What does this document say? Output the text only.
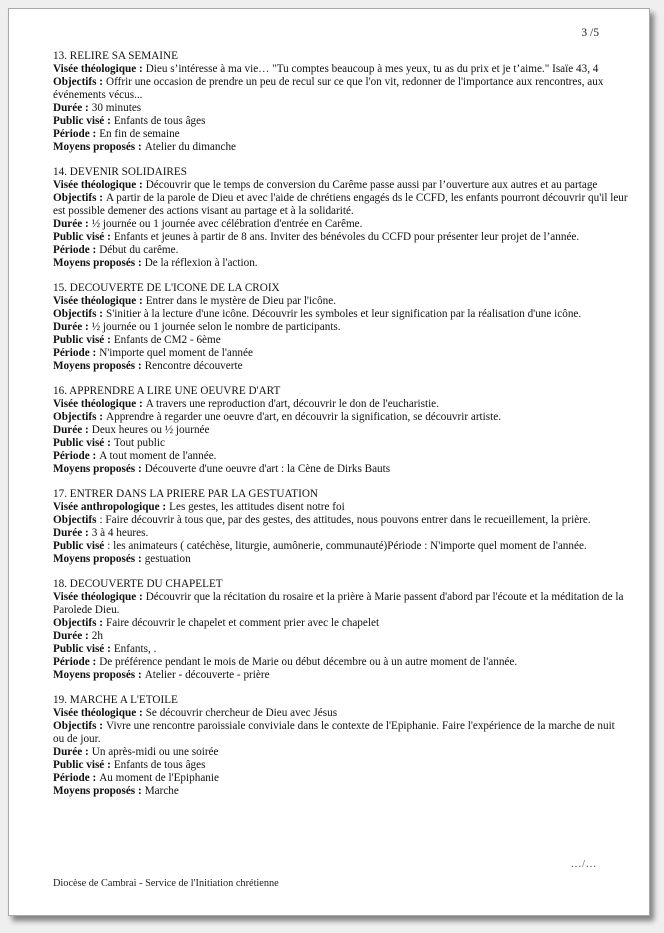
3 /5
13. RELIRE SA SEMAINE
Visée théologique : Dieu s’intéresse à ma vie… "Tu comptes beaucoup à mes yeux, tu as du prix et je t’aime." Isaïe 43, 4
Objectifs : Offrir une occasion de prendre un peu de recul sur ce que l'on vit, redonner de l'importance aux rencontres, aux événements vécus...
Durée : 30 minutes
Public visé : Enfants de tous âges
Période : En fin de semaine
Moyens proposés : Atelier du dimanche
14. DEVENIR SOLIDAIRES
Visée théologique : Découvrir que le temps de conversion du Carême passe aussi par l’ouverture aux autres et au partage
Objectifs : A partir de la parole de Dieu et avec l'aide de chrétiens engagés ds le CCFD, les enfants pourront découvrir qu'il leur est possible demener des actions visant au partage et à la solidarité.
Durée : ½ journée ou 1 journée avec célébration d'entrée en Carême.
Public visé : Enfants et jeunes à partir de 8 ans. Inviter des bénévoles du CCFD pour présenter leur projet de l’année.
Période : Début du carême.
Moyens proposés : De la réflexion à l'action.
15. DECOUVERTE DE L'ICONE DE LA CROIX
Visée théologique : Entrer dans le mystère de Dieu par l'icône.
Objectifs : S'initier à la lecture d'une icône. Découvrir les symboles et leur signification par la réalisation d'une icône.
Durée : ½ journée ou 1 journée selon le nombre de participants.
Public visé : Enfants de CM2 - 6ème
Période : N'importe quel moment de l'année
Moyens proposés : Rencontre découverte
16. APPRENDRE A LIRE UNE OEUVRE D'ART
Visée théologique : A travers une reproduction d'art, découvrir le don de l'eucharistie.
Objectifs : Apprendre à regarder une oeuvre d'art, en découvrir la signification, se découvrir artiste.
Durée : Deux heures ou ½ journée
Public visé : Tout public
Période : A tout moment de l'année.
Moyens proposés : Découverte d'une oeuvre d'art : la Cène de Dirks Bauts
17. ENTRER DANS LA PRIERE PAR LA GESTUATION
Visée anthropologique : Les gestes, les attitudes disent notre foi
Objectifs : Faire découvrir à tous que, par des gestes, des attitudes, nous pouvons entrer dans le recueillement, la prière.
Durée : 3 à 4 heures.
Public visé : les animateurs ( catéchèse, liturgie, aumônerie, communauté)Période : N'importe quel moment de l'année.
Moyens proposés : gestuation
18. DECOUVERTE DU CHAPELET
Visée théologique : Découvrir que la récitation du rosaire et la prière à Marie passent d'abord par l'écoute et la méditation de la Parolede Dieu.
Objectifs : Faire découvrir le chapelet et comment prier avec le chapelet
Durée : 2h
Public visé : Enfants, .
Période : De préférence pendant le mois de Marie ou début décembre ou à un autre moment de l'année.
Moyens proposés : Atelier - découverte - prière
19. MARCHE A L'ETOILE
Visée théologique : Se découvrir chercheur de Dieu avec Jésus
Objectifs : Vivre une rencontre paroissiale conviviale dans le contexte de l'Epiphanie. Faire l'expérience de la marche de nuit ou de jour.
Durée : Un après-midi ou une soirée
Public visé : Enfants de tous âges
Période : Au moment de l'Epiphanie
Moyens proposés : Marche
…/…
Diocèse de Cambrai - Service de l'Initiation chrétienne
